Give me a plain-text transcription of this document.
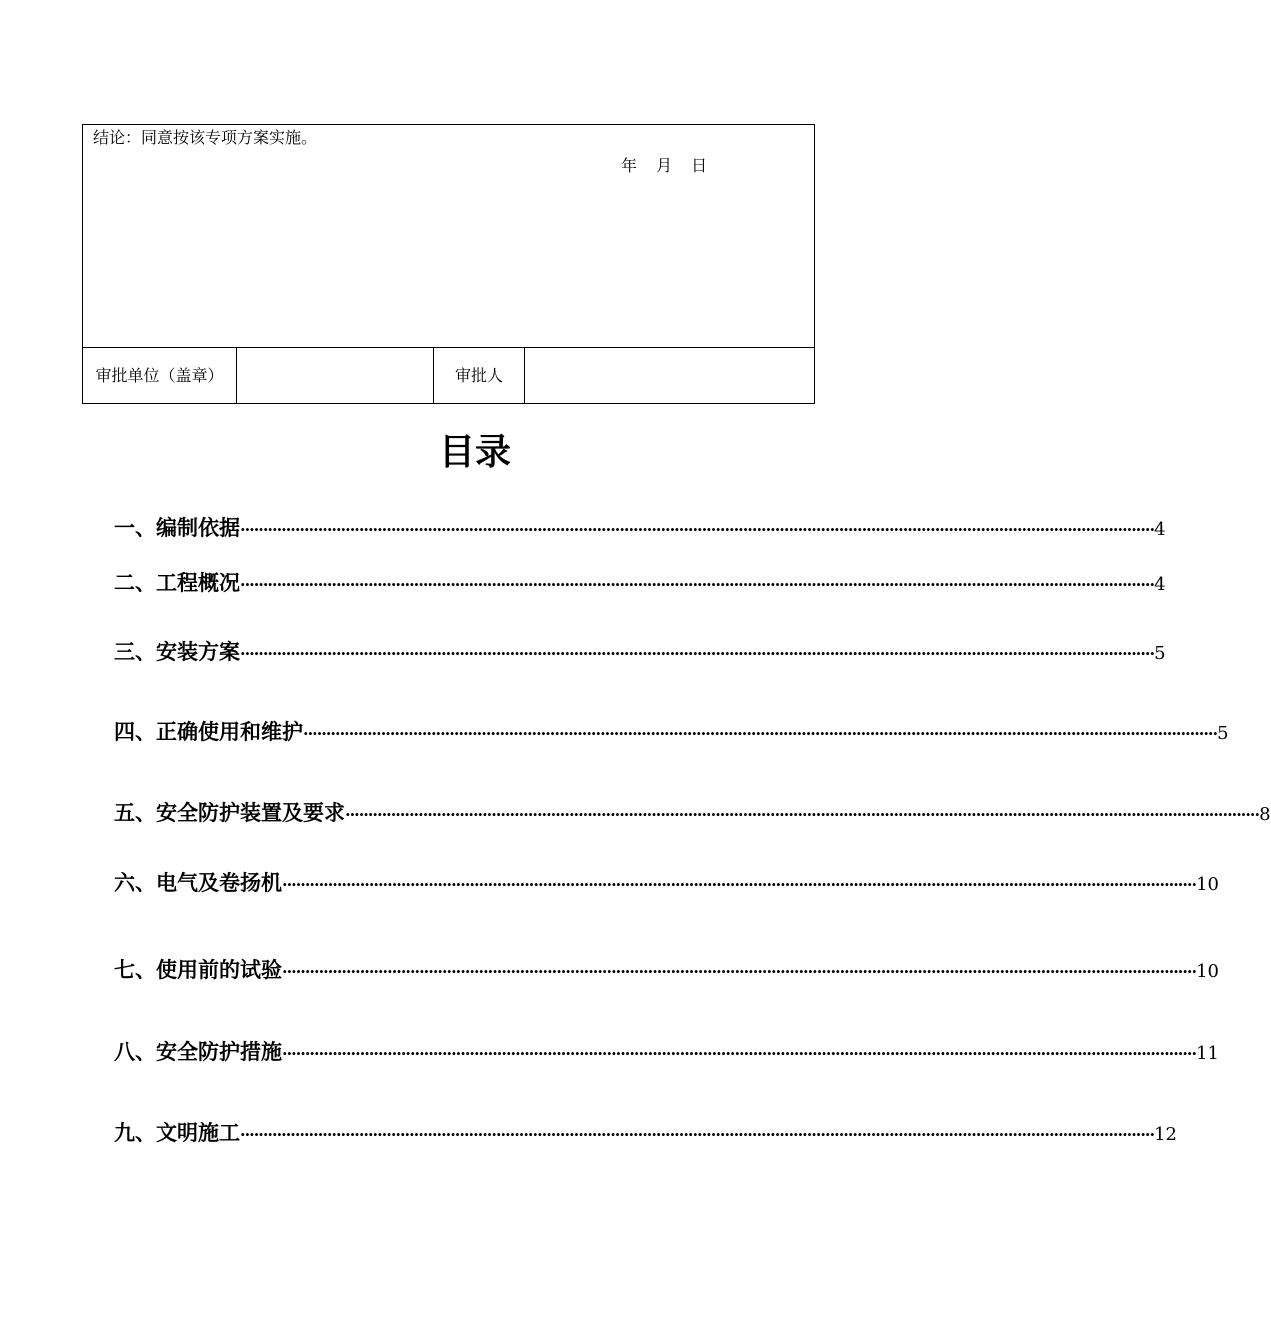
结论：同意按该专项方案实施。
年 月 日
审批单位（盖章）	审批人
目录
一、编制依据 ········································································································································································································ 4
二、工程概况 ········································································································································································································ 4
三、安装方案 ········································································································································································································ 5
四、正确使用和维护 ········································································································································································································ 5
五、安全防护装置及要求 ········································································································································································································ 8
六、电气及卷扬机 ········································································································································································································ 10
七、使用前的试验 ········································································································································································································ 10
八、安全防护措施 ········································································································································································································ 11
九、文明施工 ········································································································································································································ 12
